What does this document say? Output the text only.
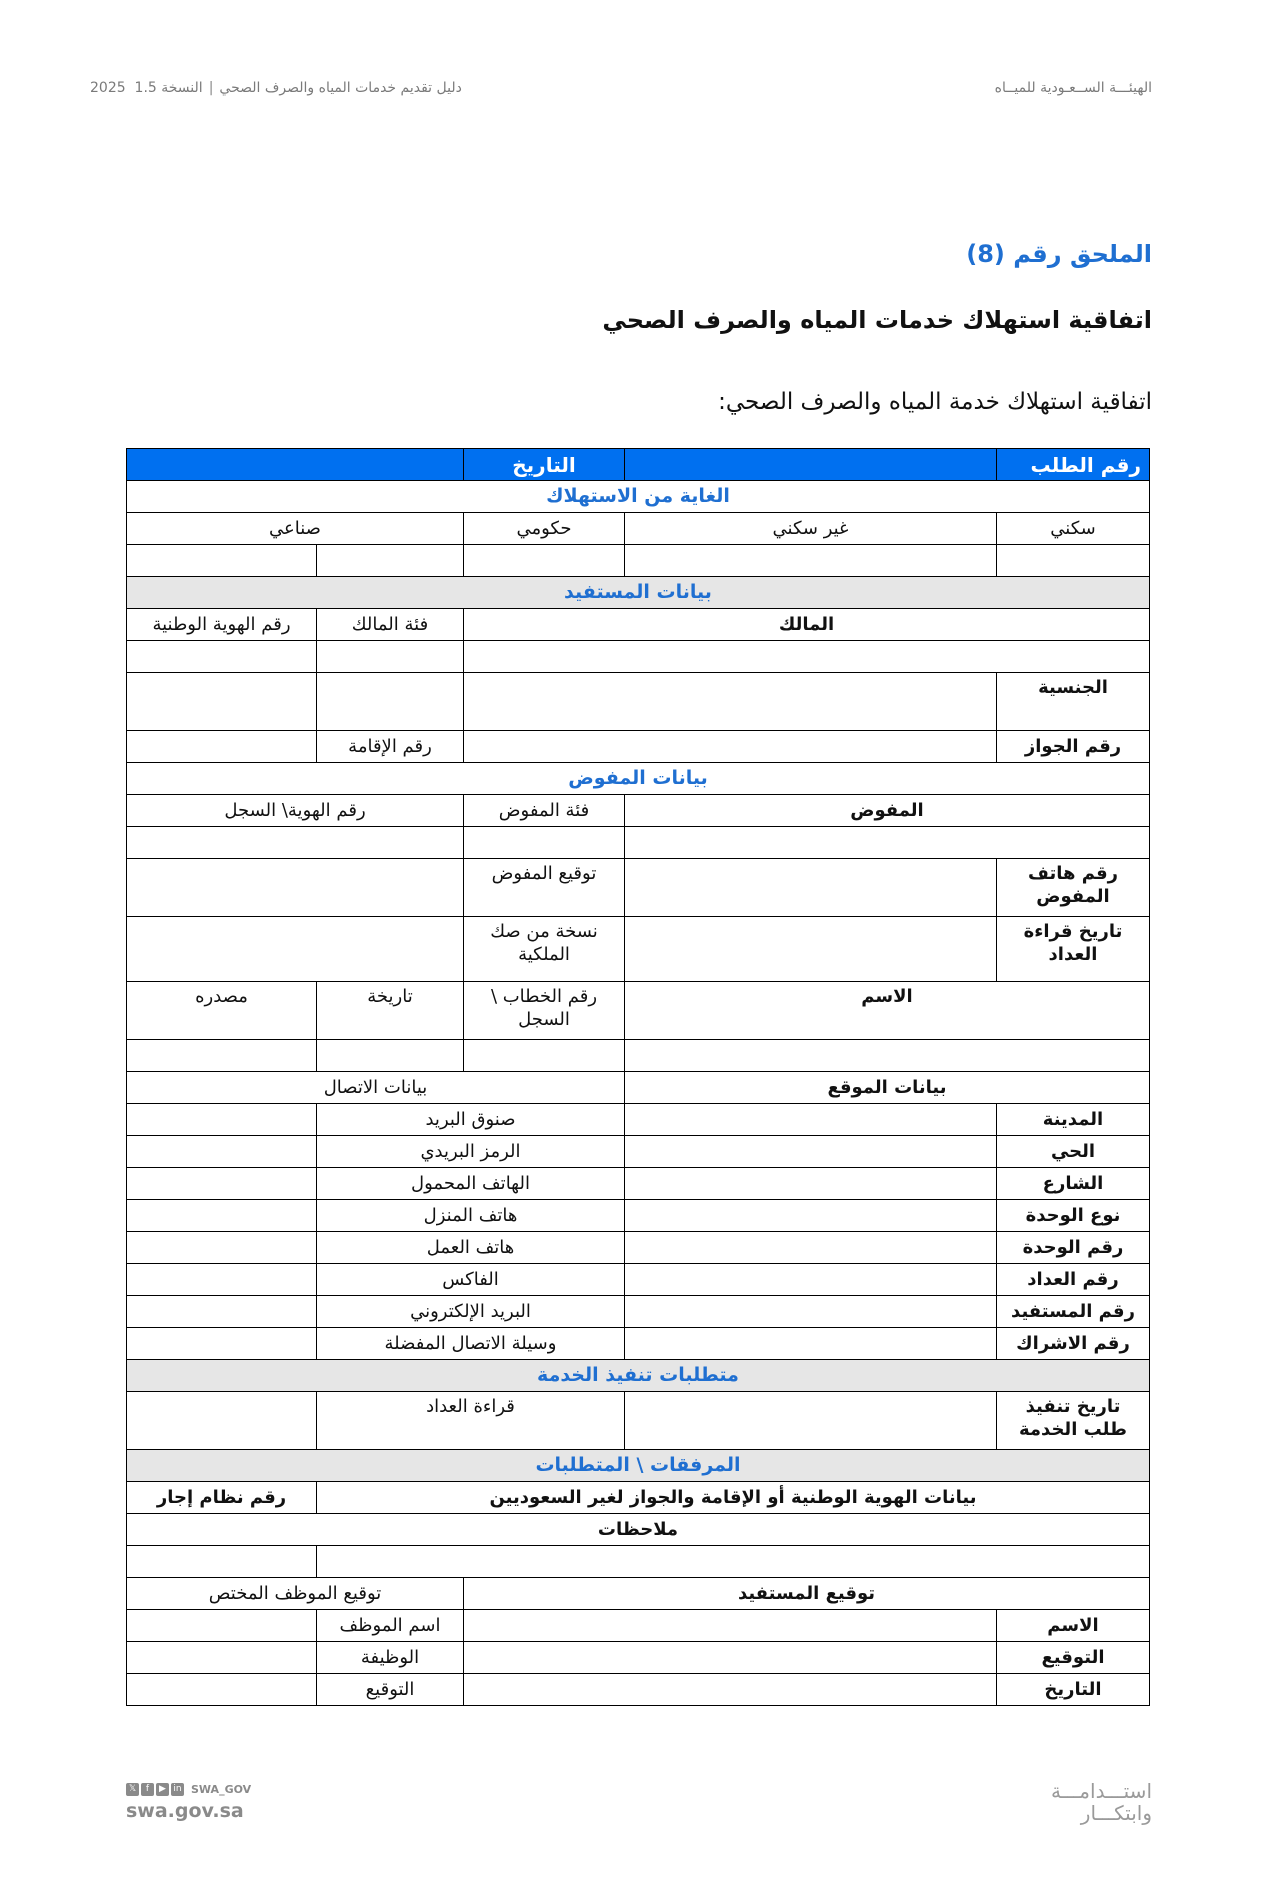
الهيئـــة الســعـودية للميــاه
دليل تقديم خدمات المياه والصرف الصحي|النسخة 1.5  2025
الملحق رقم (8)
اتفاقية استهلاك خدمات المياه والصرف الصحي
اتفاقية استهلاك خدمة المياه والصرف الصحي:
رقم الطلب		التاريخ		
الغاية من الاستهلاك				
سكني	غير سكني	حكومي	صناعي	

بيانات المستفيد				
المالك			فئة المالك	رقم الهوية الوطنية

الجنسية				
رقم الجواز			رقم الإقامة	
بيانات المفوض				
المفوض		فئة المفوض	رقم الهوية\ السجل	

رقم هاتف المفوض		توقيع المفوض		
تاريخ قراءة العداد		نسخة من صك الملكية		
الاسم		رقم الخطاب \ السجل	تاريخة	مصدره

بيانات الموقع		بيانات الاتصال		
المدينة		صنوق البريد		
الحي		الرمز البريدي		
الشارع		الهاتف المحمول		
نوع الوحدة		هاتف المنزل		
رقم الوحدة		هاتف العمل		
رقم العداد		الفاكس		
رقم المستفيد		البريد الإلكتروني		
رقم الاشراك		وسيلة الاتصال المفضلة		
متطلبات تنفيذ الخدمة				
تاريخ تنفيذ طلب الخدمة		قراءة العداد		
المرفقات \ المتطلبات				
بيانات الهوية الوطنية أو الإقامة والجواز لغير السعوديين				رقم نظام إجار
ملاحظات				

توقيع المستفيد			توقيع الموظف المختص	
الاسم			اسم الموظف	
التوقيع			الوظيفة	
التاريخ			التوقيع	
𝕏	f	▶ in SWA_GOV
swa.gov.sa
استـــدامـــة
وابتكـــار
